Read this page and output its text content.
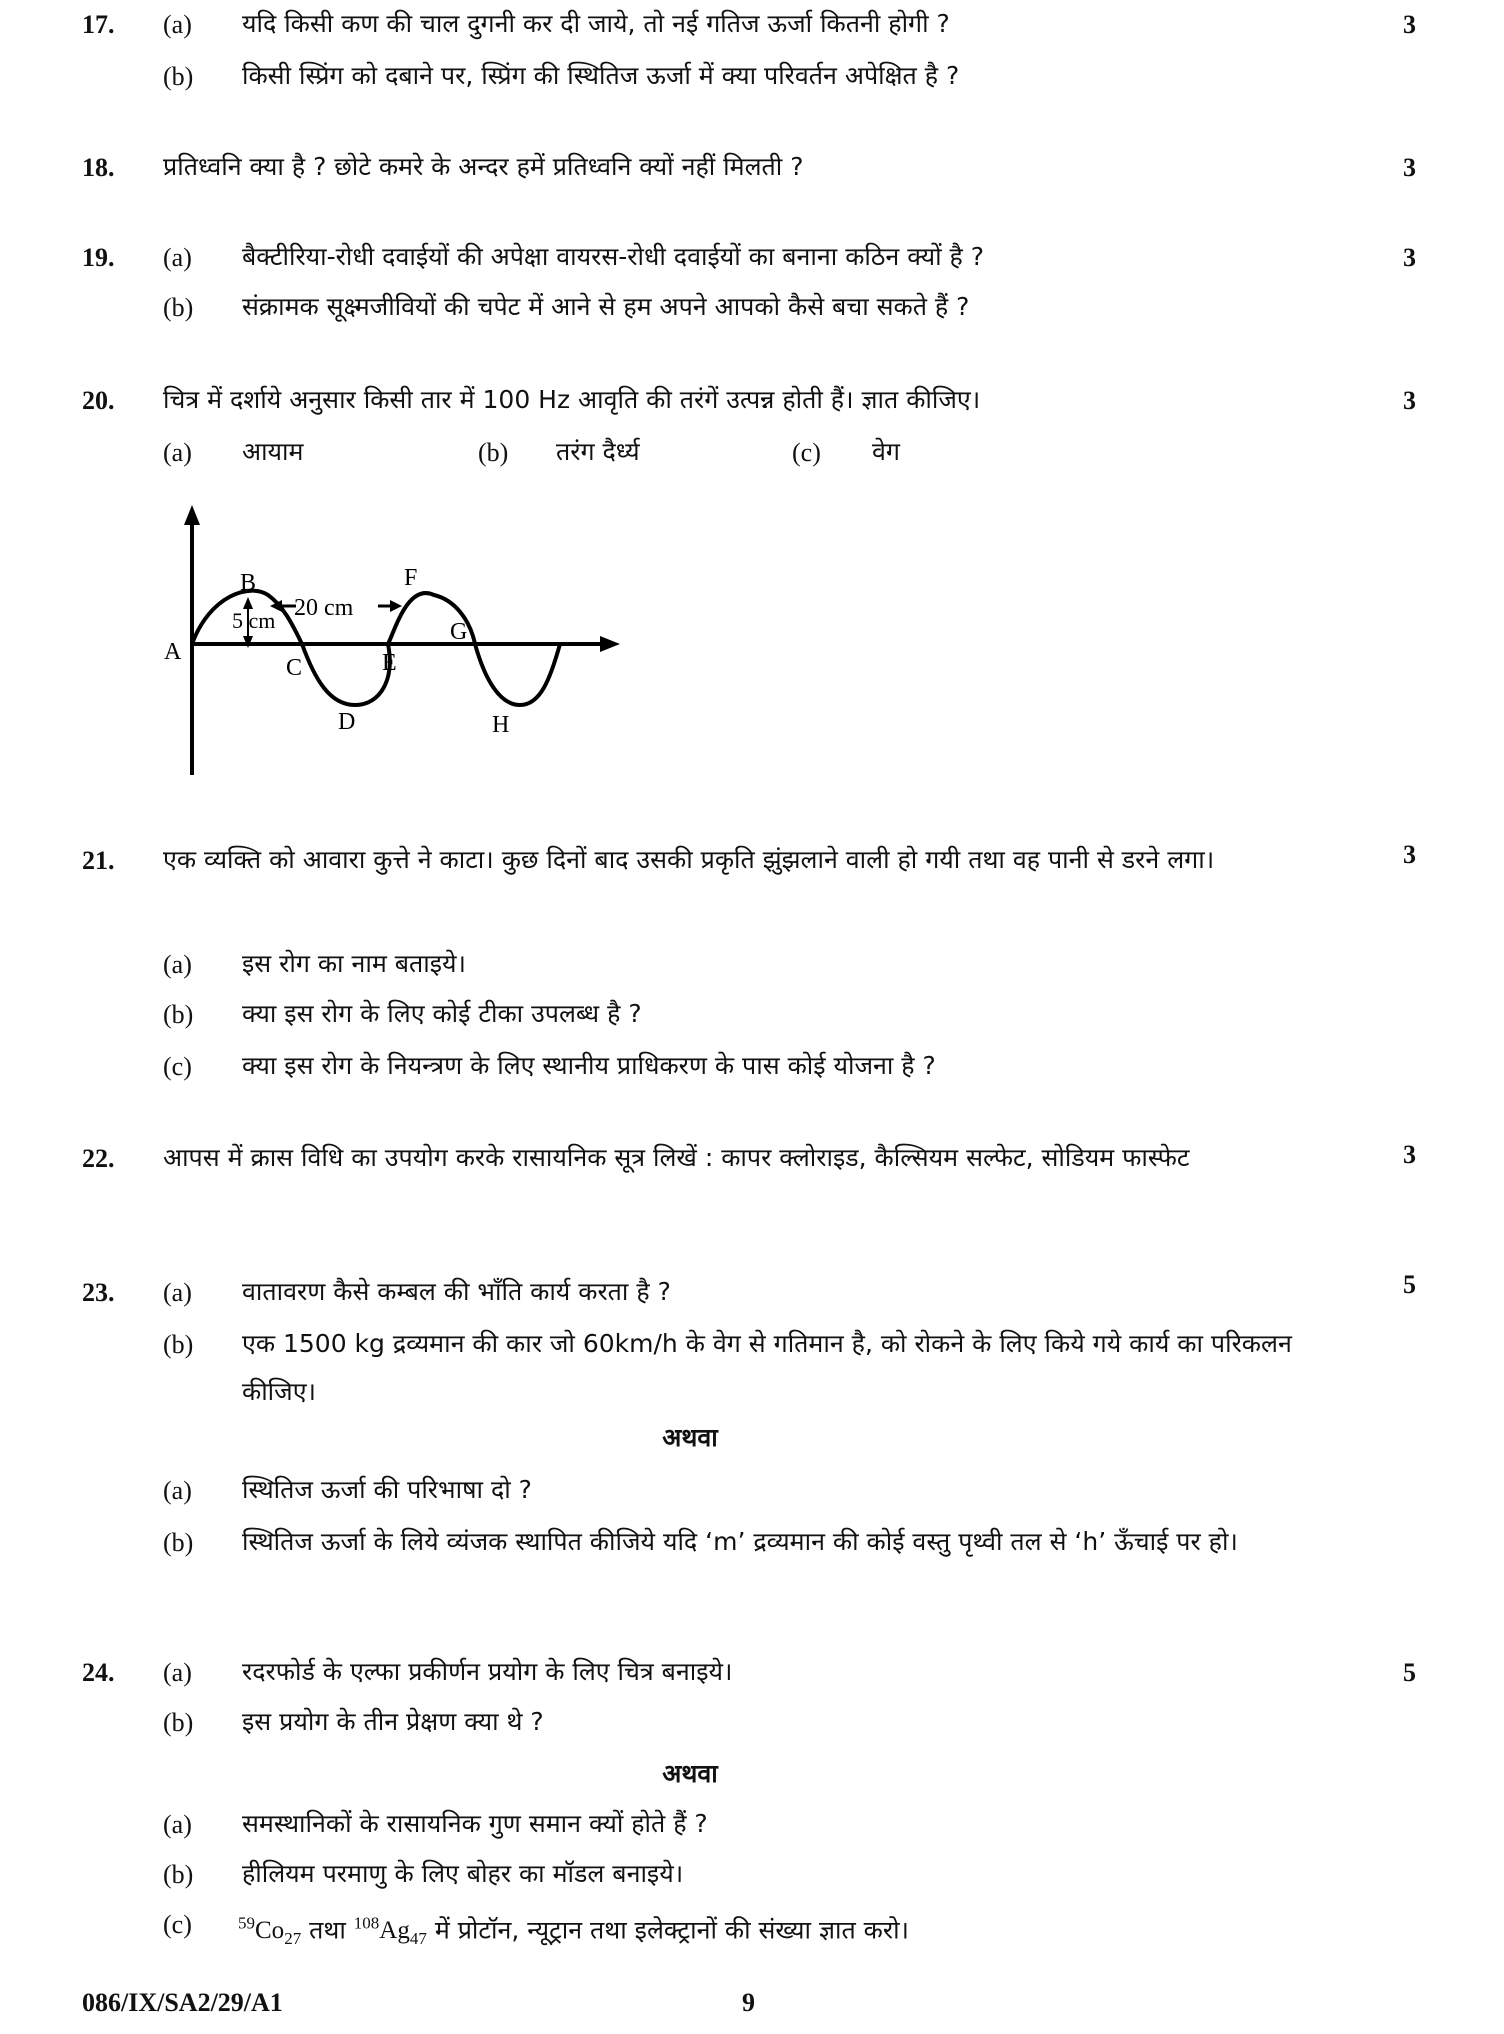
17. (a) यदि किसी कण की चाल दुगनी कर दी जाये, तो नई गतिज ऊर्जा कितनी होगी ?	3
(b) किसी स्प्रिंग को दबाने पर, स्प्रिंग की स्थितिज ऊर्जा में क्या परिवर्तन अपेक्षित है ?
18. प्रतिध्वनि क्या है ? छोटे कमरे के अन्दर हमें प्रतिध्वनि क्यों नहीं मिलती ?	3
19. (a) बैक्टीरिया-रोधी दवाईयों की अपेक्षा वायरस-रोधी दवाईयों का बनाना कठिन क्यों है ?	3
(b) संक्रामक सूक्ष्मजीवियों की चपेट में आने से हम अपने आपको कैसे बचा सकते हैं ?
20. चित्र में दर्शाये अनुसार किसी तार में 100 Hz आवृति की तरंगें उत्पन्न होती हैं। ज्ञात कीजिए।	3
(a) आयाम	(b) तरंग दैर्ध्य	(c) वेग
20 cm
5 cm
A
B
C
D
E
F
G
H
21. एक व्यक्ति को आवारा कुत्ते ने काटा। कुछ दिनों बाद उसकी प्रकृति झुंझलाने वाली हो गयी तथा वह पानी से डरने लगा।	3
(a) इस रोग का नाम बताइये।
(b) क्या इस रोग के लिए कोई टीका उपलब्ध है ?
(c) क्या इस रोग के नियन्त्रण के लिए स्थानीय प्राधिकरण के पास कोई योजना है ?
22. आपस में क्रास विधि का उपयोग करके रासायनिक सूत्र लिखें : कापर क्लोराइड, कैल्सियम सल्फेट, सोडियम फास्फेट	3
23. (a) वातावरण कैसे कम्बल की भाँति कार्य करता है ?	5
(b) एक 1500 kg द्रव्यमान की कार जो 60km/h के वेग से गतिमान है, को रोकने के लिए किये गये कार्य का परिकलन कीजिए।
अथवा
(a) स्थितिज ऊर्जा की परिभाषा दो ?
(b) स्थितिज ऊर्जा के लिये व्यंजक स्थापित कीजिये यदि ‘m’ द्रव्यमान की कोई वस्तु पृथ्वी तल से ‘h’ ऊँचाई पर हो।
24. (a) रदरफोर्ड के एल्फा प्रकीर्णन प्रयोग के लिए चित्र बनाइये।	5
(b) इस प्रयोग के तीन प्रेक्षण क्या थे ?
अथवा
(a) समस्थानिकों के रासायनिक गुण समान क्यों होते हैं ?
(b) हीलियम परमाणु के लिए बोहर का मॉडल बनाइये।
(c)	$^{59}Co_{27}$ तथा $^{108}Ag_{47}$ में प्रोटॉन, न्यूट्रान तथा इलेक्ट्रानों की संख्या ज्ञात करो।
086/IX/SA2/29/A1	9
